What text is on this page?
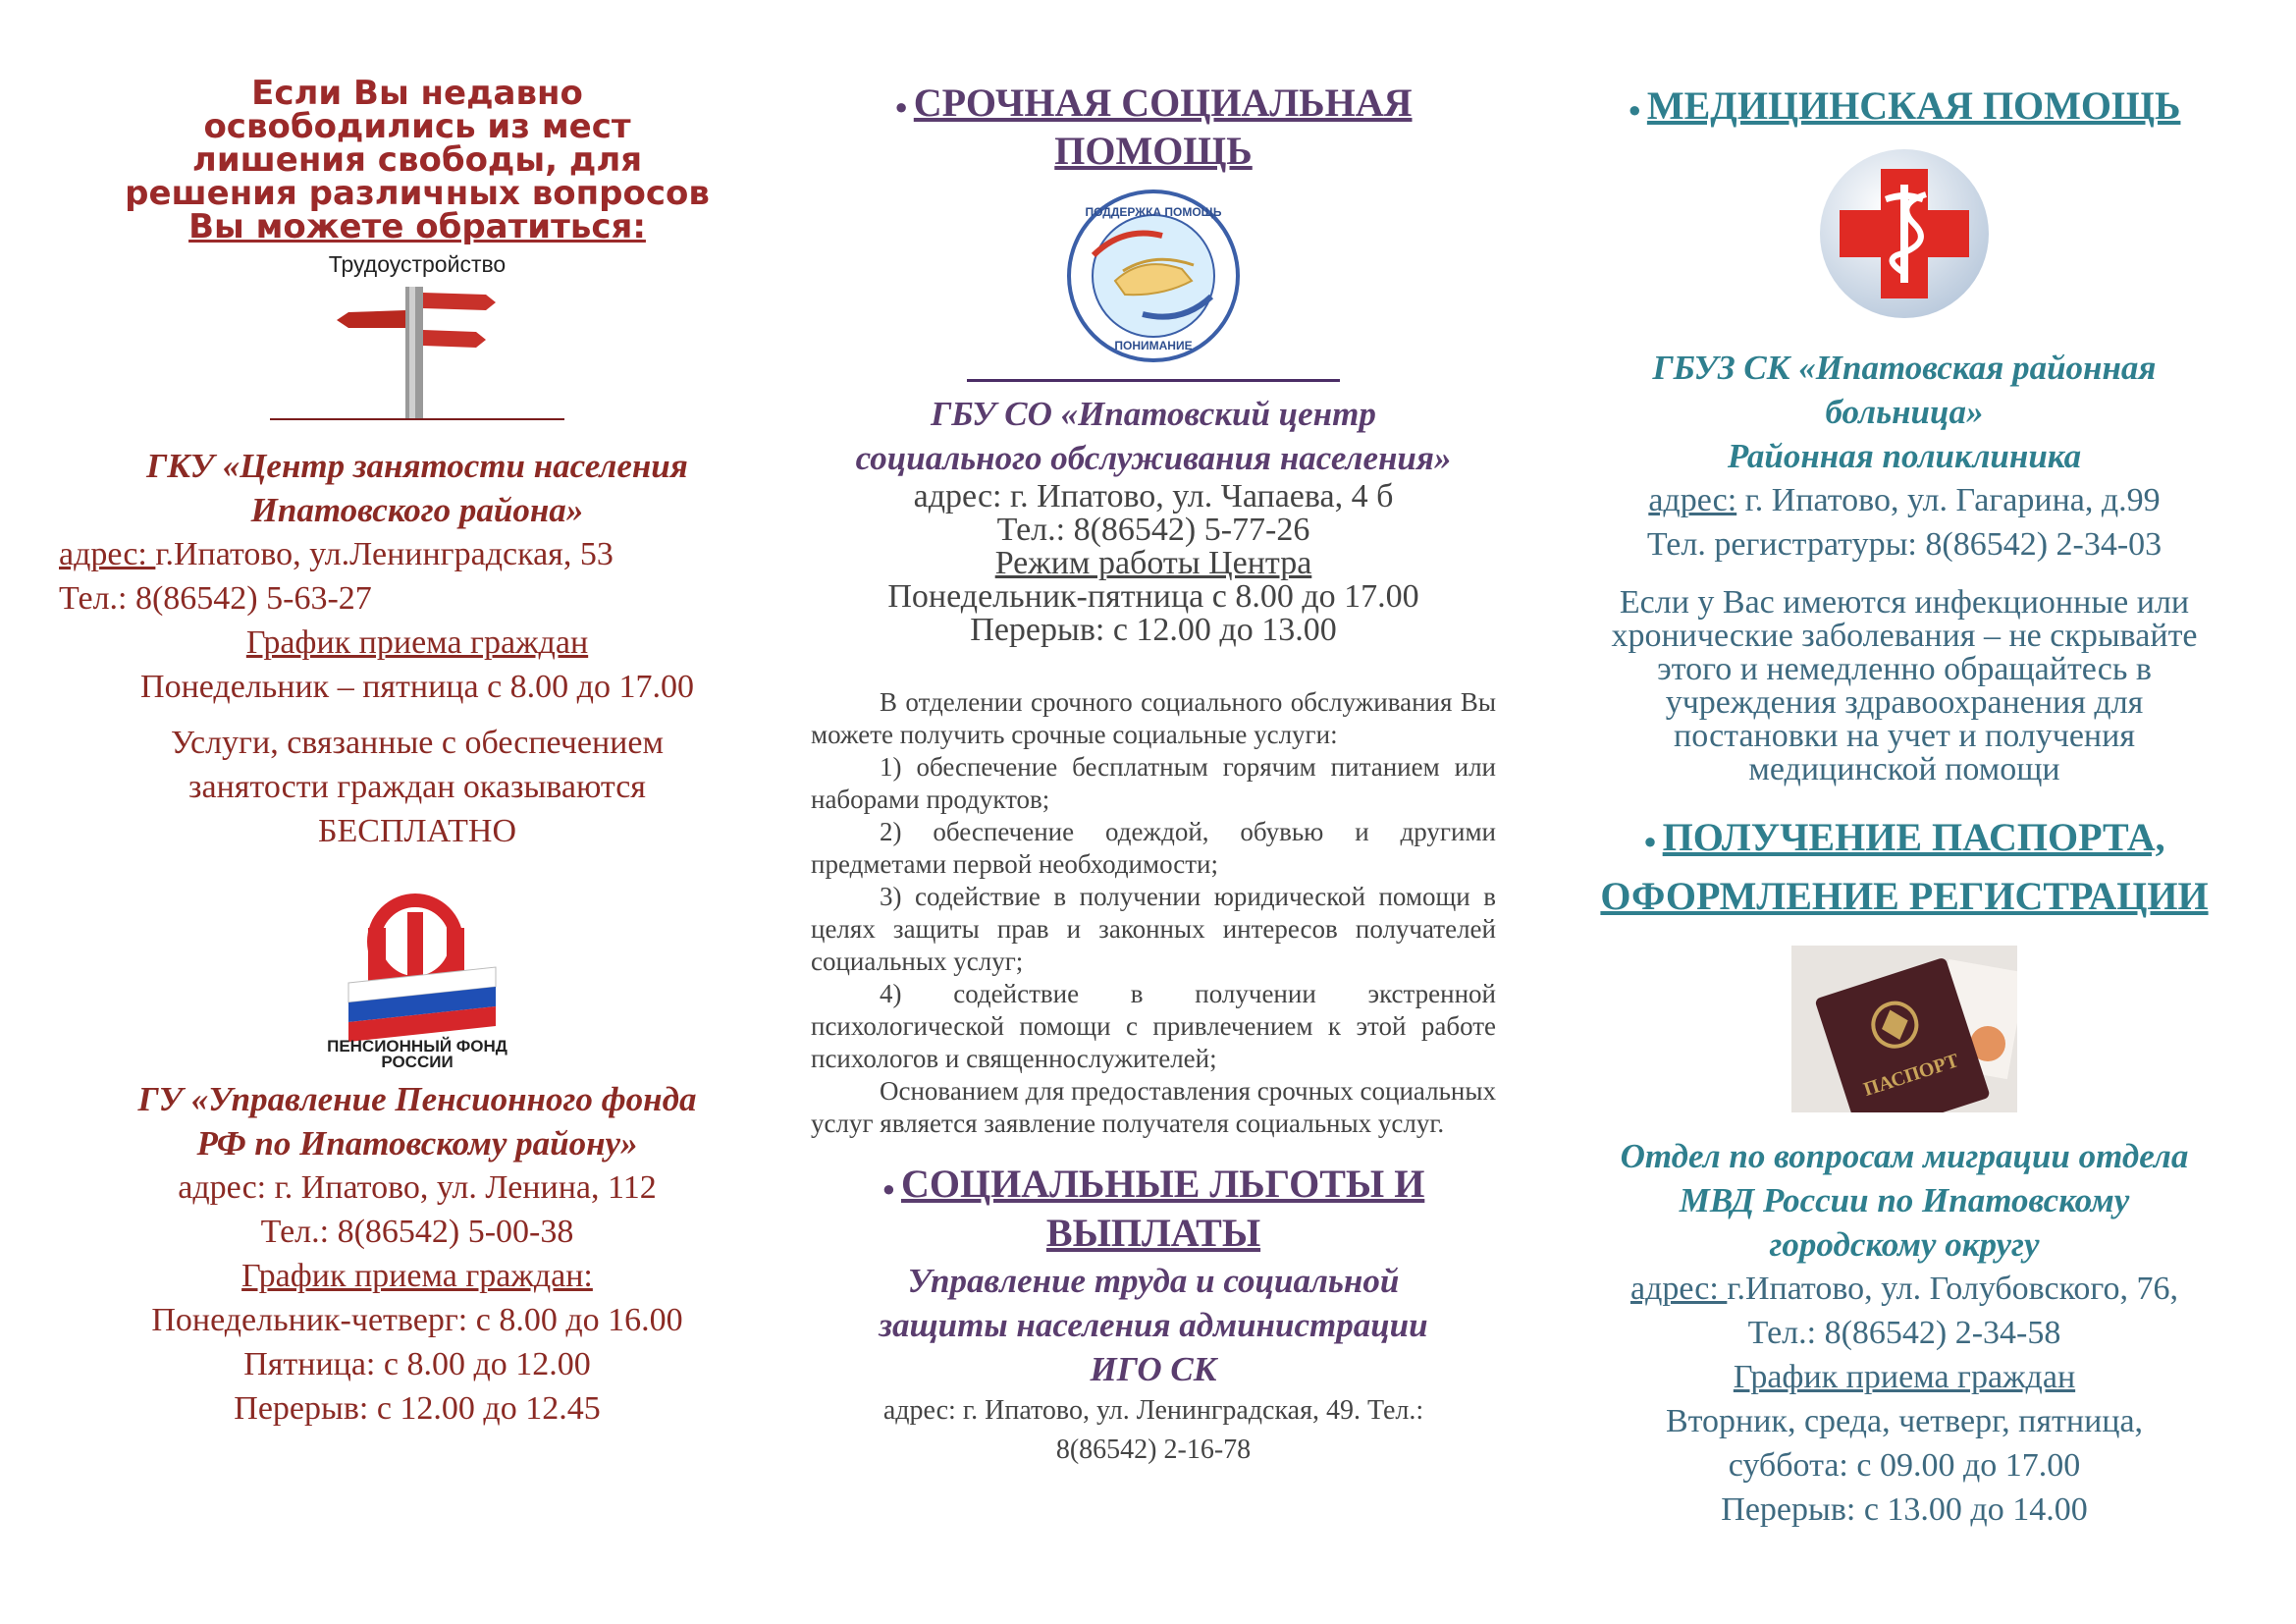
Если Вы недавно
освободились из мест
лишения свободы, для
решения различных вопросов
Вы можете обратиться:
Трудоустройство
ГКУ «Центр занятости населения
Ипатовского района»
адрес: г.Ипатово, ул.Ленинградская, 53
Тел.: 8(86542) 5-63-27
График приема граждан
Понедельник – пятница с 8.00 до 17.00
Услуги, связанные с обеспечением
занятости граждан оказываются
БЕСПЛАТНО
ПЕНСИОННЫЙ ФОНД
РОССИИ
ГУ «Управление Пенсионного фонда
РФ по Ипатовскому району»
адрес: г. Ипатово, ул. Ленина, 112
Тел.: 8(86542) 5-00-38
График приема граждан:
Понедельник-четверг: с 8.00 до 16.00
Пятница: с 8.00 до 12.00
Перерыв: с 12.00 до 12.45
● СРОЧНАЯ СОЦИАЛЬНАЯ
ПОМОЩЬ
ПОДДЕРЖКА ПОМОЩЬ
ПОНИМАНИЕ
ГБУ СО «Ипатовский центр
социального обслуживания населения»
адрес: г. Ипатово, ул. Чапаева, 4 б
Тел.: 8(86542) 5-77-26
Режим работы Центра
Понедельник-пятница с 8.00 до 17.00
Перерыв: с 12.00 до 13.00

В отделении срочного социального обслуживания Вы можете получить срочные социальные услуги:

1) обеспечение бесплатным горячим питанием или наборами продуктов;

2) обеспечение одеждой, обувью и другими предметами первой необходимости;

3) содействие в получении юридической помощи в целях защиты прав и законных интересов получателей социальных услуг;

4) содействие в получении экстренной психологической помощи с привлечением к этой работе психологов и священнослужителей;

Основанием для предоставления срочных социальных услуг является заявление получателя социальных услуг.

● СОЦИАЛЬНЫЕ ЛЬГОТЫ И
ВЫПЛАТЫ
Управление труда и социальной
защиты населения администрации
ИГО СК
адрес: г. Ипатово, ул. Ленинградская, 49. Тел.:
8(86542) 2-16-78
● МЕДИЦИНСКАЯ ПОМОЩЬ
ГБУЗ СК «Ипатовская районная
больница»
Районная поликлиника
адрес: г. Ипатово, ул. Гагарина, д.99
Тел. регистратуры: 8(86542) 2-34-03
Если у Вас имеются инфекционные или
хронические заболевания – не скрывайте
этого и немедленно обращайтесь в
учреждения здравоохранения для
постановки на учет и получения
медицинской помощи
● ПОЛУЧЕНИЕ ПАСПОРТА,
ОФОРМЛЕНИЕ РЕГИСТРАЦИИ
ПАСПОРТ
Отдел по вопросам миграции отдела
МВД России по Ипатовскому
городскому округу
адрес: г.Ипатово, ул. Голубовского, 76,
Тел.: 8(86542) 2-34-58
График приема граждан
Вторник, среда, четверг, пятница,
суббота: с 09.00 до 17.00
Перерыв: с 13.00 до 14.00
